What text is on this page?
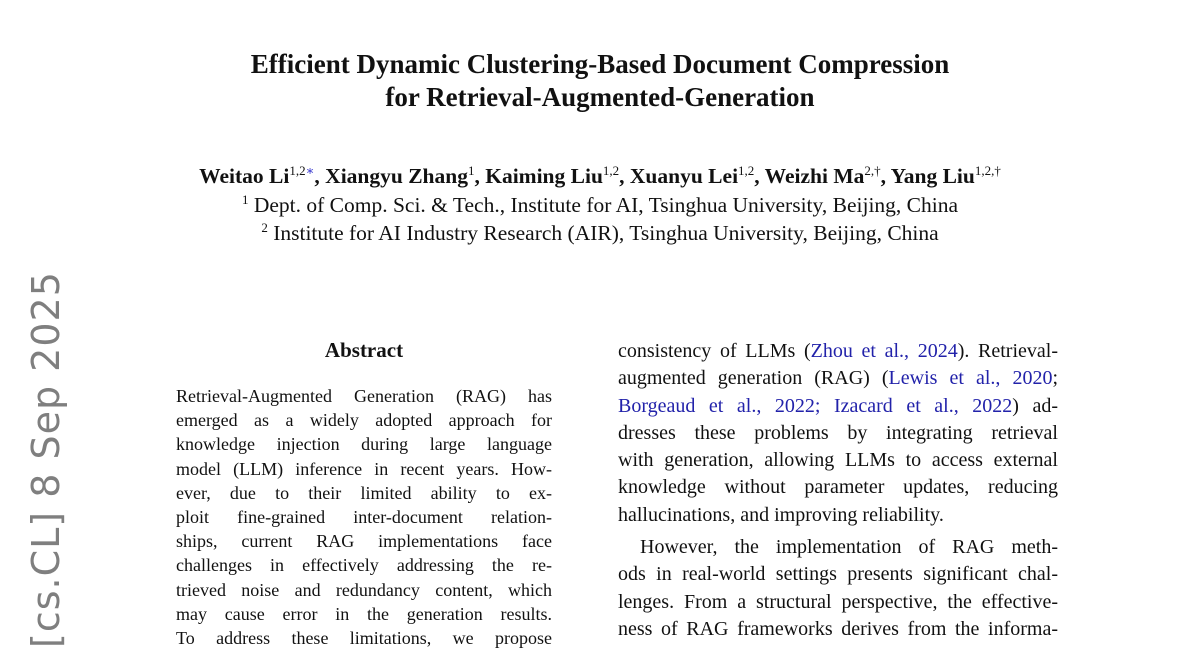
Efficient Dynamic Clustering-Based Document Compression
for Retrieval-Augmented-Generation
Weitao $Li^{1,2∗}$, Xiangyu Zhang$^1$, Kaiming Liu$^{1,2}$, Xuanyu Lei$^{1,2}$, Weizhi $Ma^{2,\dagger}$, Yang Liu$^{1,2,\dagger}$
$^1$ Dept. of Comp. Sci. & Tech., Institute for AI, Tsinghua University, Beijing, China
$^2$ Institute for AI Industry Research (AIR), Tsinghua University, Beijing, China
[cs.CL] 8 Sep 2025	Abstract
Retrieval-Augmented Generation (RAG) has
emerged as a widely adopted approach for
knowledge injection during large language
model (LLM) inference in recent years. How-
ever, due to their limited ability to ex-
ploit fine-grained inter-document relation-
ships, current RAG implementations face
challenges in effectively addressing the re-
trieved noise and redundancy content, which
may cause error in the generation results.
To address these limitations, we propose
consistency of LLMs (Zhou et al., 2024). Retrieval-
augmented generation (RAG) (Lewis et al., 2020;
Borgeaud et al., 2022; Izacard et al., 2022) ad-
dresses these problems by integrating retrieval
with generation, allowing LLMs to access external
knowledge without parameter updates, reducing
hallucinations, and improving reliability.
However, the implementation of RAG meth-
ods in real-world settings presents significant chal-
lenges. From a structural perspective, the effective-
ness of RAG frameworks derives from the informa-
